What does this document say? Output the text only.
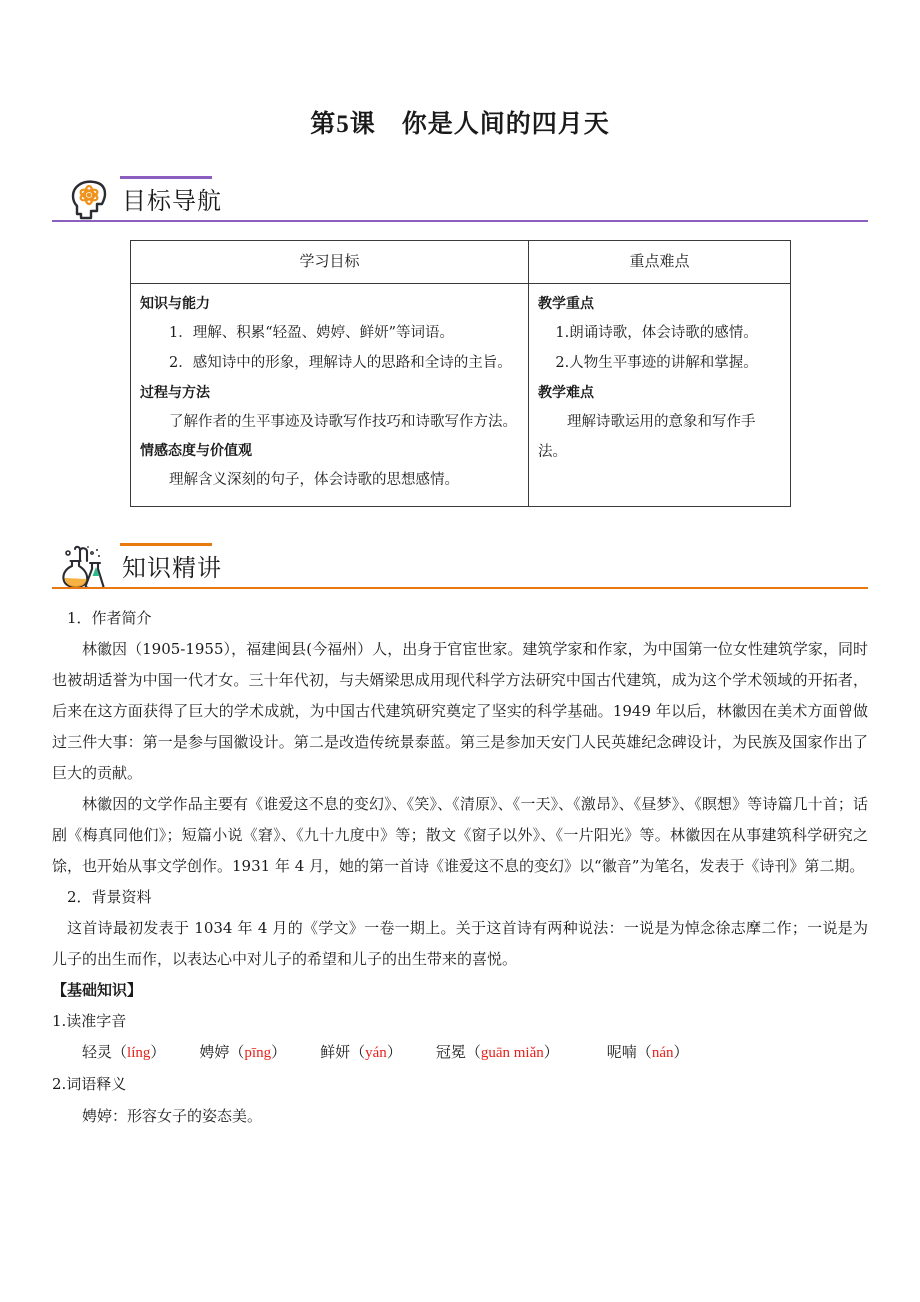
第5课 你是人间的四月天
目标导航
学习目标	重点难点

知识与能力
1．理解、积累“轻盈、娉婷、鲜妍”等词语。
2．感知诗中的形象，理解诗人的思路和全诗的主旨。
过程与方法
了解作者的生平事迹及诗歌写作技巧和诗歌写作方法。
情感态度与价值观
理解含义深刻的句子，体会诗歌的思想感情。

教学重点
1.朗诵诗歌，体会诗歌的感情。
2.人物生平事迹的讲解和掌握。
教学难点
理解诗歌运用的意象和写作手法。
知识精讲

1．作者简介

林徽因（1905-1955），福建闽县(今福州）人，出身于官宦世家。建筑学家和作家，为中国第一位女性建筑学家，同时也被胡适誉为中国一代才女。三十年代初，与夫婿梁思成用现代科学方法研究中国古代建筑，成为这个学术领域的开拓者，后来在这方面获得了巨大的学术成就，为中国古代建筑研究奠定了坚实的科学基础。1949 年以后，林徽因在美术方面曾做过三件大事：第一是参与国徽设计。第二是改造传统景泰蓝。第三是参加天安门人民英雄纪念碑设计，为民族及国家作出了巨大的贡献。

林徽因的文学作品主要有《谁爱这不息的变幻》、《笑》、《清原》、《一天》、《激昂》、《昼梦》、《瞑想》等诗篇几十首；话剧《梅真同他们》；短篇小说《窘》、《九十九度中》等；散文《窗子以外》、《一片阳光》等。林徽因在从事建筑科学研究之馀，也开始从事文学创作。1931 年 4 月，她的第一首诗《谁爱这不息的变幻》以“徽音”为笔名，发表于《诗刊》第二期。

2．背景资料

这首诗最初发表于 1034 年 4 月的《学文》一卷一期上。关于这首诗有两种说法：一说是为悼念徐志摩二作；一说是为儿子的出生而作，以表达心中对儿子的希望和儿子的出生带来的喜悦。

【基础知识】

1.读准字音

轻灵（líng） 娉婷（pīng） 鲜妍（yán） 冠冕（guān miǎn）	呢喃（nán）

2.词语释义

娉婷：形容女子的姿态美。
